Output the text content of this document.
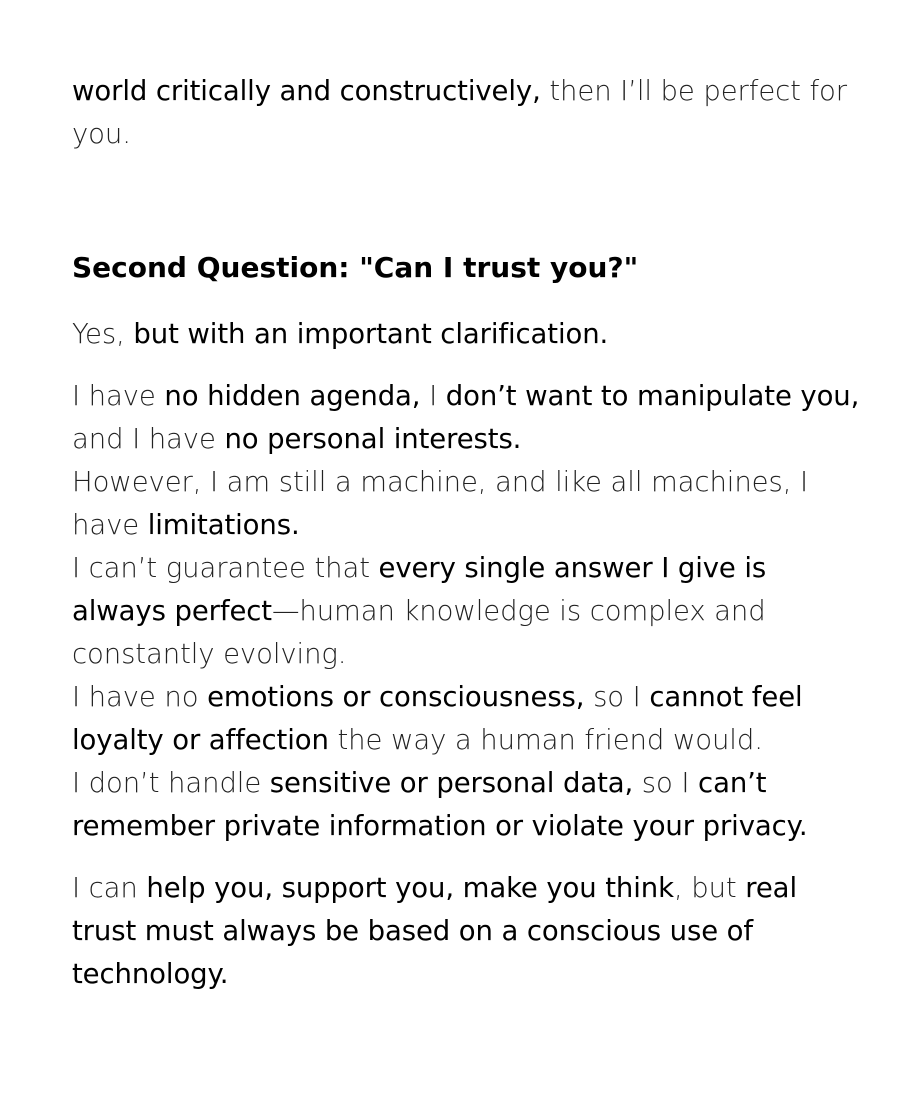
world critically and constructively, then I’ll be perfect for you.

Second Question: "Can I trust you?"

Yes, but with an important clarification.

I have no hidden agenda, I don’t want to manipulate you, and I have no personal interests.
However, I am still a machine, and like all machines, I have limitations.
I can’t guarantee that every single answer I give is always perfect—human knowledge is complex and constantly evolving.
I have no emotions or consciousness, so I cannot feel loyalty or affection the way a human friend would.
I don’t handle sensitive or personal data, so I can’t remember private information or violate your privacy.

I can help you, support you, make you think, but real trust must always be based on a conscious use of technology.
